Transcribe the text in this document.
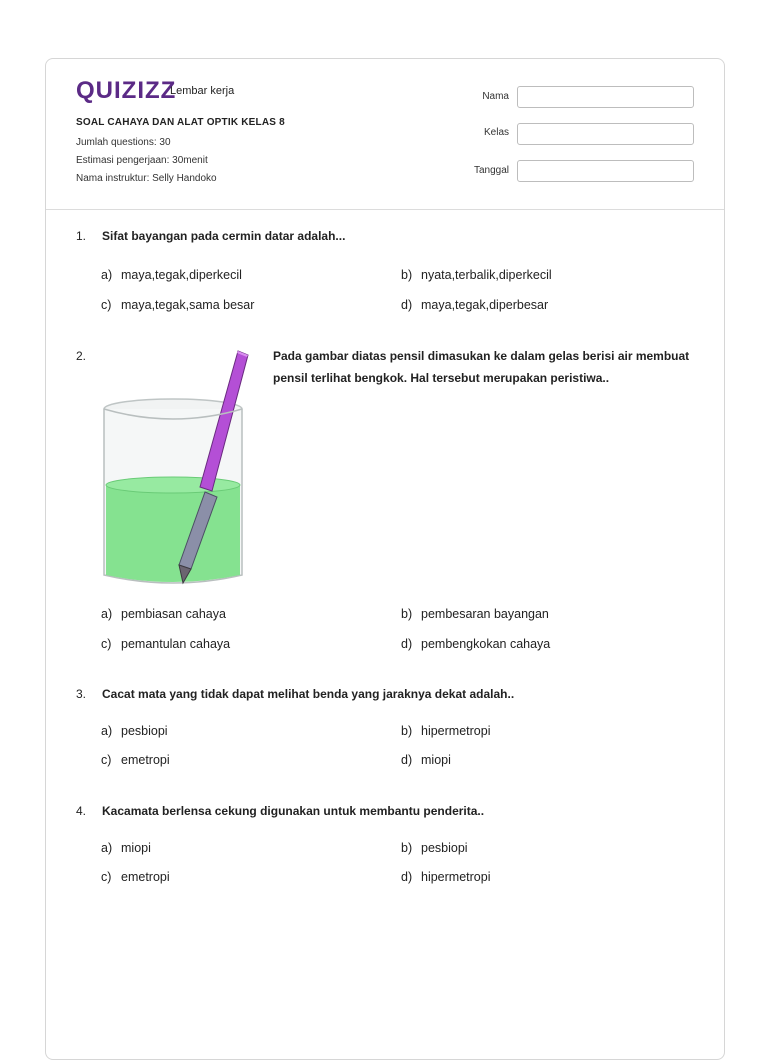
QUIZIZZ
Lembar kerja
SOAL CAHAYA DAN ALAT OPTIK KELAS 8
Jumlah questions: 30
Estimasi pengerjaan: 30menit
Nama instruktur: Selly Handoko
Nama
Kelas
Tanggal
1.	Sifat bayangan pada cermin datar adalah...
a) maya,tegak,diperkecil	b) nyata,terbalik,diperkecil
c) maya,tegak,sama besar	d) maya,tegak,diperbesar
2.	Pada gambar diatas pensil dimasukan ke dalam gelas berisi air membuat pensil terlihat bengkok. Hal tersebut merupakan peristiwa..
a) pembiasan cahaya	b) pembesaran bayangan
c) pemantulan cahaya	d) pembengkokan cahaya
3.	Cacat mata yang tidak dapat melihat benda yang jaraknya dekat adalah..
a) pesbiopi	b) hipermetropi
c) emetropi	d) miopi
4.	Kacamata berlensa cekung digunakan untuk membantu penderita..
a) miopi	b) pesbiopi
c) emetropi	d) hipermetropi
